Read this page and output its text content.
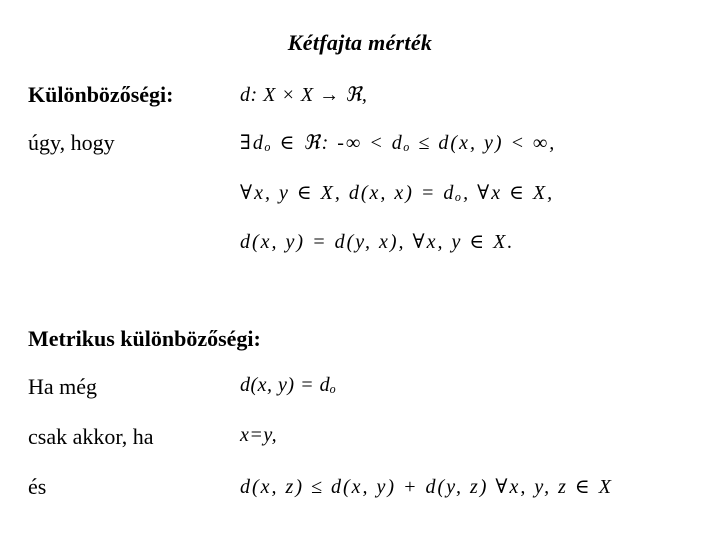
Kétfajta mérték
Különbözőségi:	d: X × X → ℜ,
úgy, hogy	∃dₒ ∈ ℜ: -∞ < dₒ ≤ d(x, y) < ∞,
∀x, y ∈ X, d(x, x) = dₒ, ∀x ∈ X,
d(x, y) = d(y, x), ∀x, y ∈ X.
Metrikus különbözőségi:
Ha még	d(x, y) = dₒ
csak akkor, ha	x=y,
és	d(x, z) ≤ d(x, y) + d(y, z) ∀x, y, z ∈ X
